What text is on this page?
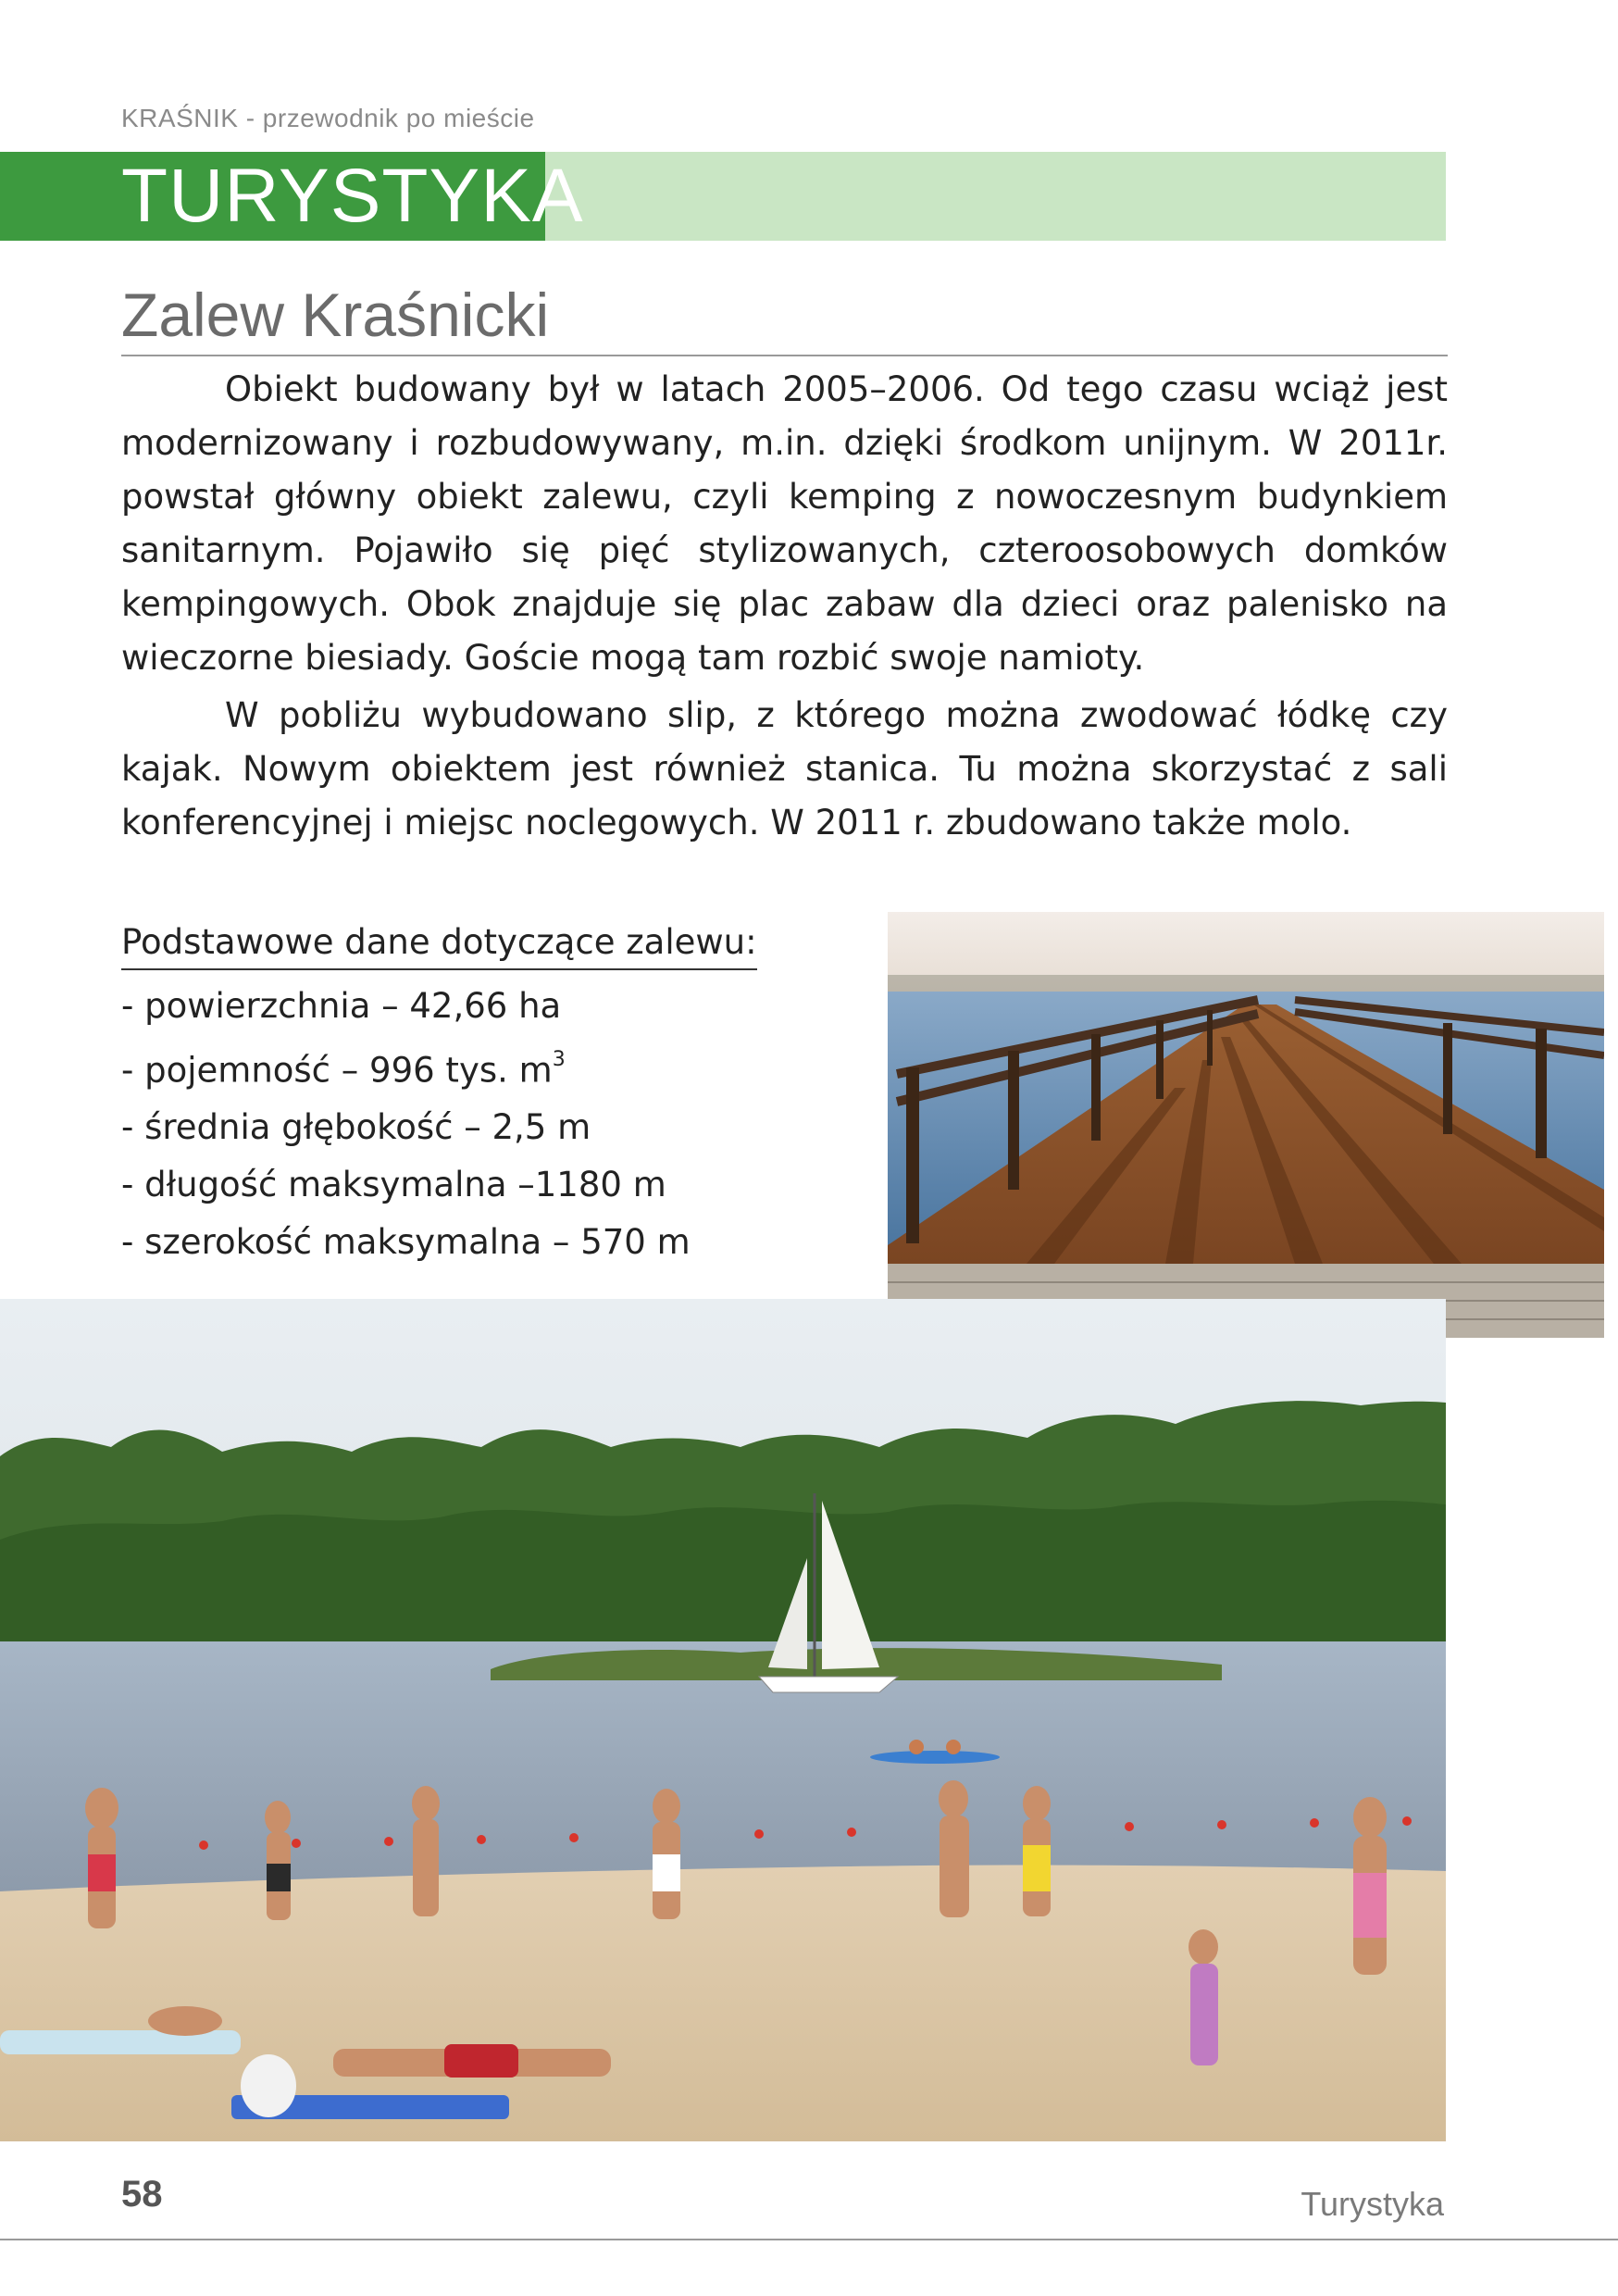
KRAŚNIK - przewodnik po mieście
TURYSTYKA
Zalew Kraśnicki

Obiekt budowany był w latach 2005–2006. Od tego czasu wciąż jest modernizowany i rozbudowywany, m.in. dzięki środkom unijnym. W 2011r. powstał główny obiekt zalewu, czyli kemping z nowoczesnym budynkiem sanitarnym. Pojawiło się pięć stylizowanych, czteroosobowych domków kempingowych. Obok znajduje się plac zabaw dla dzieci oraz palenisko na wieczorne biesiady. Goście mogą tam rozbić swoje namioty.

W pobliżu wybudowano slip, z którego można zwodować łódkę czy kajak. Nowym obiektem jest również stanica. Tu można skorzystać z sali konferencyjnej i miejsc noclegowych. W 2011 r. zbudowano także molo.

Podstawowe dane dotyczące zalewu:
- powierzchnia – 42,66 ha
- pojemność – 996 tys. $m^3$
- średnia głębokość – 2,5 m
- długość maksymalna –1180 m
- szerokość maksymalna – 570 m
58	Turystyka
